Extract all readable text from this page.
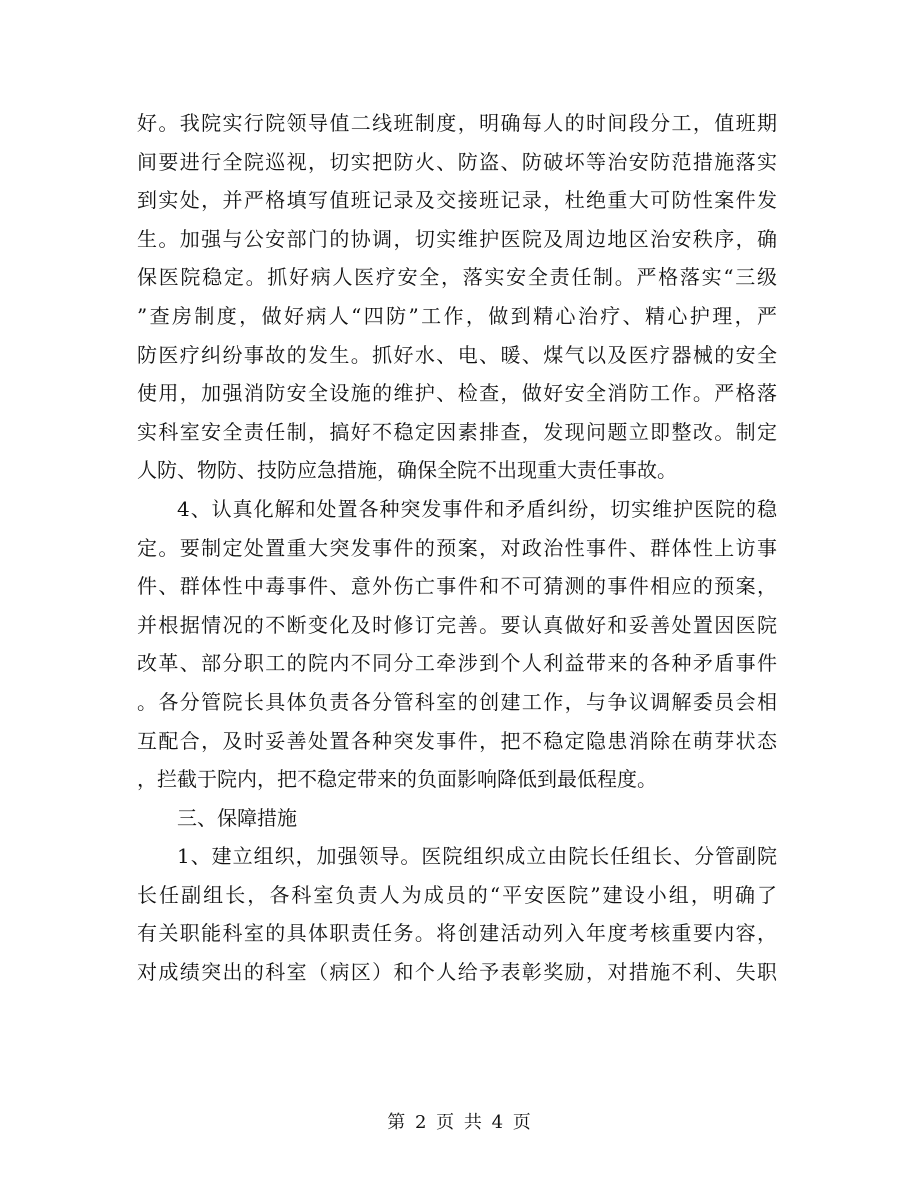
好。我院实行院领导值二线班制度，明确每人的时间段分工，值班期
间要进行全院巡视，切实把防火、防盗、防破坏等治安防范措施落实
到实处，并严格填写值班记录及交接班记录，杜绝重大可防性案件发
生。加强与公安部门的协调，切实维护医院及周边地区治安秩序，确
保医院稳定。抓好病人医疗安全，落实安全责任制。严格落实“三级
”查房制度，做好病人“四防”工作，做到精心治疗、精心护理，严
防医疗纠纷事故的发生。抓好水、电、暖、煤气以及医疗器械的安全
使用，加强消防安全设施的维护、检查，做好安全消防工作。严格落
实科室安全责任制，搞好不稳定因素排查，发现问题立即整改。制定
人防、物防、技防应急措施，确保全院不出现重大责任事故。
4、认真化解和处置各种突发事件和矛盾纠纷，切实维护医院的稳
定。要制定处置重大突发事件的预案，对政治性事件、群体性上访事
件、群体性中毒事件、意外伤亡事件和不可猜测的事件相应的预案，
并根据情况的不断变化及时修订完善。要认真做好和妥善处置因医院
改革、部分职工的院内不同分工牵涉到个人利益带来的各种矛盾事件
。各分管院长具体负责各分管科室的创建工作，与争议调解委员会相
互配合，及时妥善处置各种突发事件，把不稳定隐患消除在萌芽状态
，拦截于院内，把不稳定带来的负面影响降低到最低程度。
三、保障措施
1、建立组织，加强领导。医院组织成立由院长任组长、分管副院
长任副组长，各科室负责人为成员的“平安医院”建设小组，明确了
有关职能科室的具体职责任务。将创建活动列入年度考核重要内容，
对成绩突出的科室（病区）和个人给予表彰奖励，对措施不利、失职
第 2 页 共 4 页
